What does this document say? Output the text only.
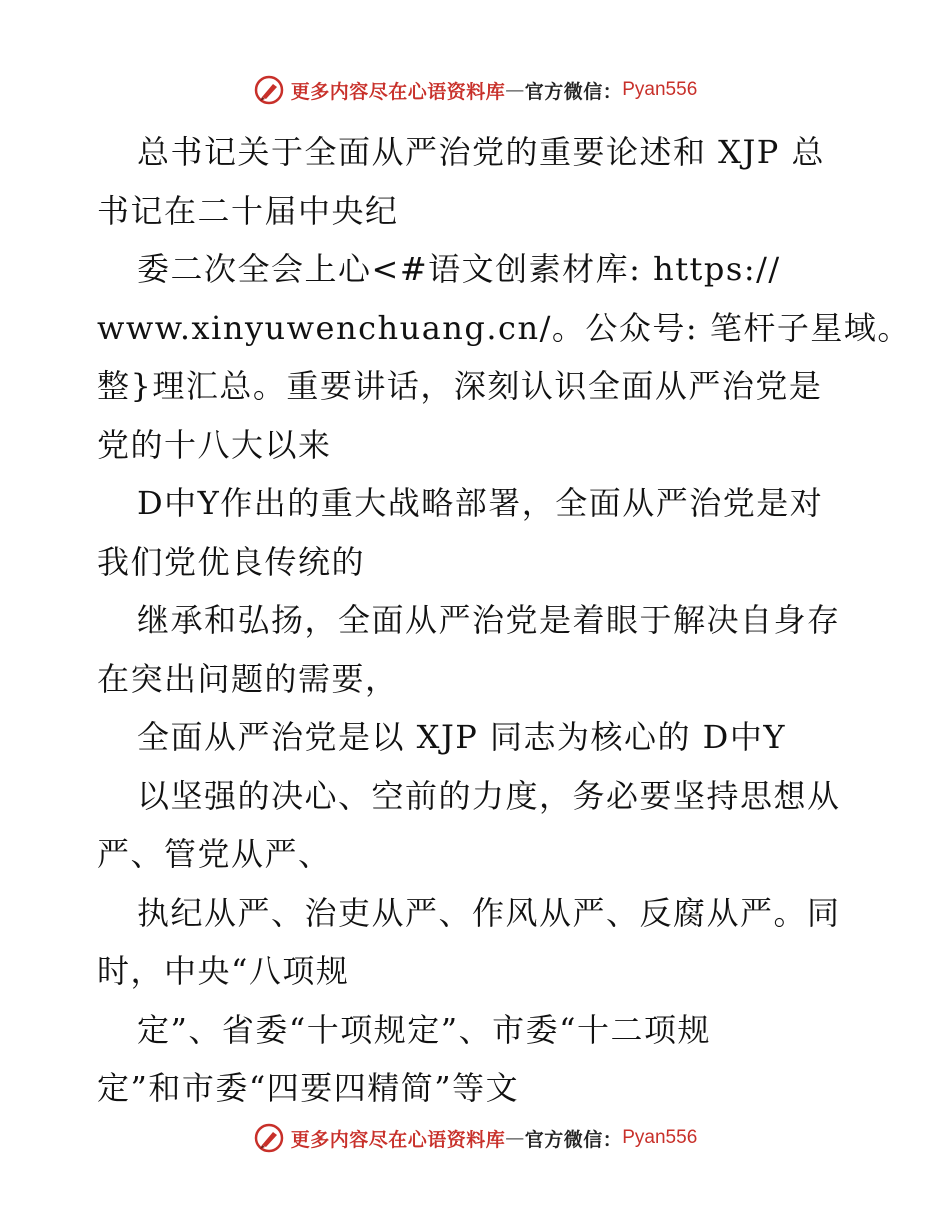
更多内容尽在心语资料库 — 官方微信： Pyan556
总书记关于全面从严治党的重要论述和 XJP 总
书记在二十届中央纪
委二次全会上心<#语文创素材库: https://
www.xinyuwenchuang.cn/。公众号: 笔杆子星域。
整}理汇总。重要讲话，深刻认识全面从严治党是
党的十八大以来
D中Y作出的重大战略部署，全面从严治党是对
我们党优良传统的
继承和弘扬，全面从严治党是着眼于解决自身存
在突出问题的需要，
全面从严治党是以 XJP 同志为核心的 D中Y
以坚强的决心、空前的力度，务必要坚持思想从
严、管党从严、
执纪从严、治吏从严、作风从严、反腐从严。同
时，中央“八项规
定”、省委“十项规定”、市委“十二项规
定”和市委“四要四精简”等文
更多内容尽在心语资料库 — 官方微信： Pyan556
